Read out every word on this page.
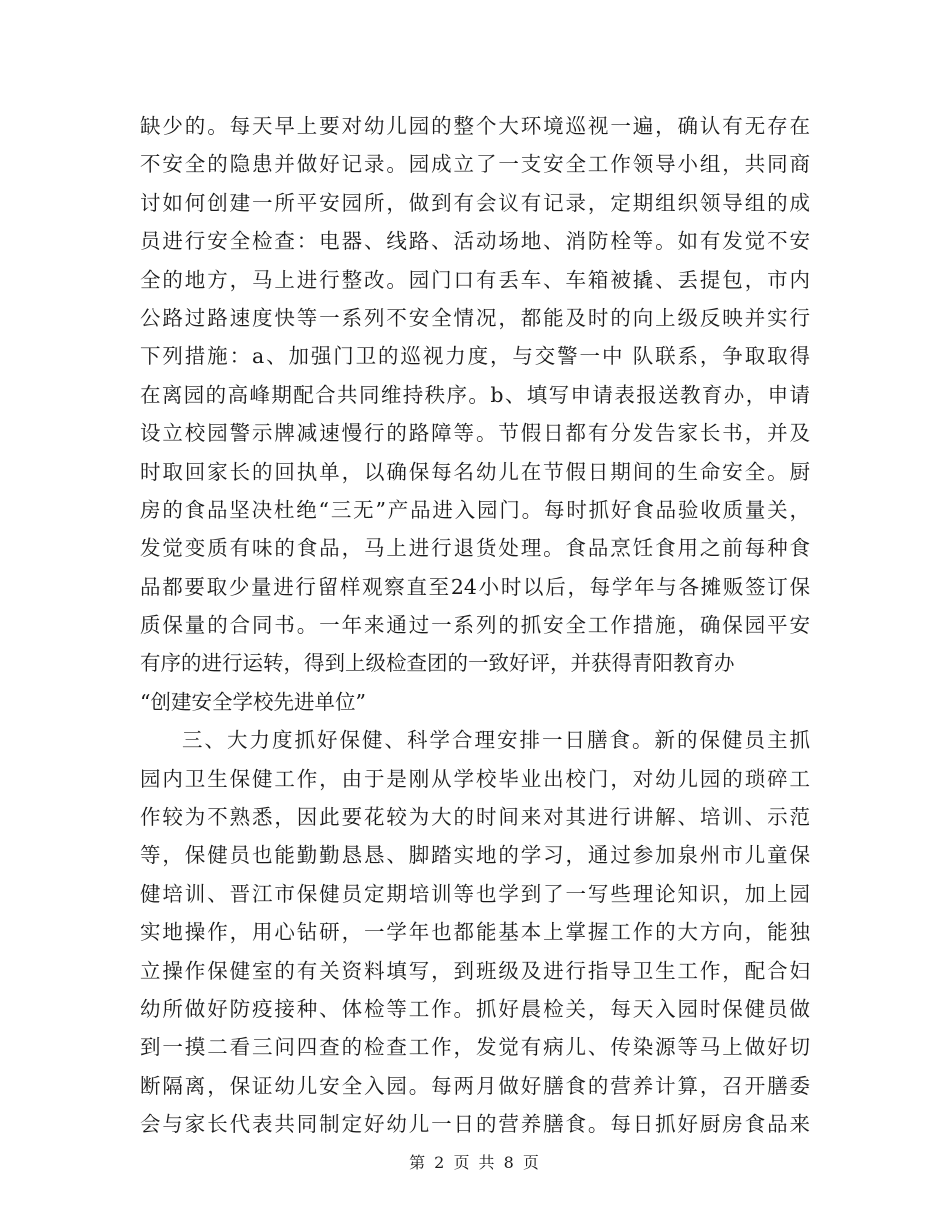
缺少的。每天早上要对幼儿园的整个大环境巡视一遍，确认有无存在
不安全的隐患并做好记录。园成立了一支安全工作领导小组，共同商
讨如何创建一所平安园所，做到有会议有记录，定期组织领导组的成
员进行安全检查：电器、线路、活动场地、消防栓等。如有发觉不安
全的地方，马上进行整改。园门口有丢车、车箱被撬、丢提包，市内
公路过路速度快等一系列不安全情况，都能及时的向上级反映并实行
下列措施：a、加强门卫的巡视力度，与交警一中 队联系，争取取得
在离园的高峰期配合共同维持秩序。b、填写申请表报送教育办，申请
设立校园警示牌减速慢行的路障等。节假日都有分发告家长书，并及
时取回家长的回执单，以确保每名幼儿在节假日期间的生命安全。厨
房的食品坚决杜绝“三无”产品进入园门。每时抓好食品验收质量关，
发觉变质有味的食品，马上进行退货处理。食品烹饪食用之前每种食
品都要取少量进行留样观察直至24小时以后，每学年与各摊贩签订保
质保量的合同书。一年来通过一系列的抓安全工作措施，确保园平安
有序的进行运转，得到上级检查团的一致好评，并获得青阳教育办
“创建安全学校先进单位”
三、大力度抓好保健、科学合理安排一日膳食。新的保健员主抓
园内卫生保健工作，由于是刚从学校毕业出校门，对幼儿园的琐碎工
作较为不熟悉，因此要花较为大的时间来对其进行讲解、培训、示范
等，保健员也能勤勤恳恳、脚踏实地的学习，通过参加泉州市儿童保
健培训、晋江市保健员定期培训等也学到了一写些理论知识，加上园
实地操作，用心钻研，一学年也都能基本上掌握工作的大方向，能独
立操作保健室的有关资料填写，到班级及进行指导卫生工作，配合妇
幼所做好防疫接种、体检等工作。抓好晨检关，每天入园时保健员做
到一摸二看三问四查的检查工作，发觉有病儿、传染源等马上做好切
断隔离，保证幼儿安全入园。每两月做好膳食的营养计算，召开膳委
会与家长代表共同制定好幼儿一日的营养膳食。每日抓好厨房食品来
第 2 页 共 8 页
